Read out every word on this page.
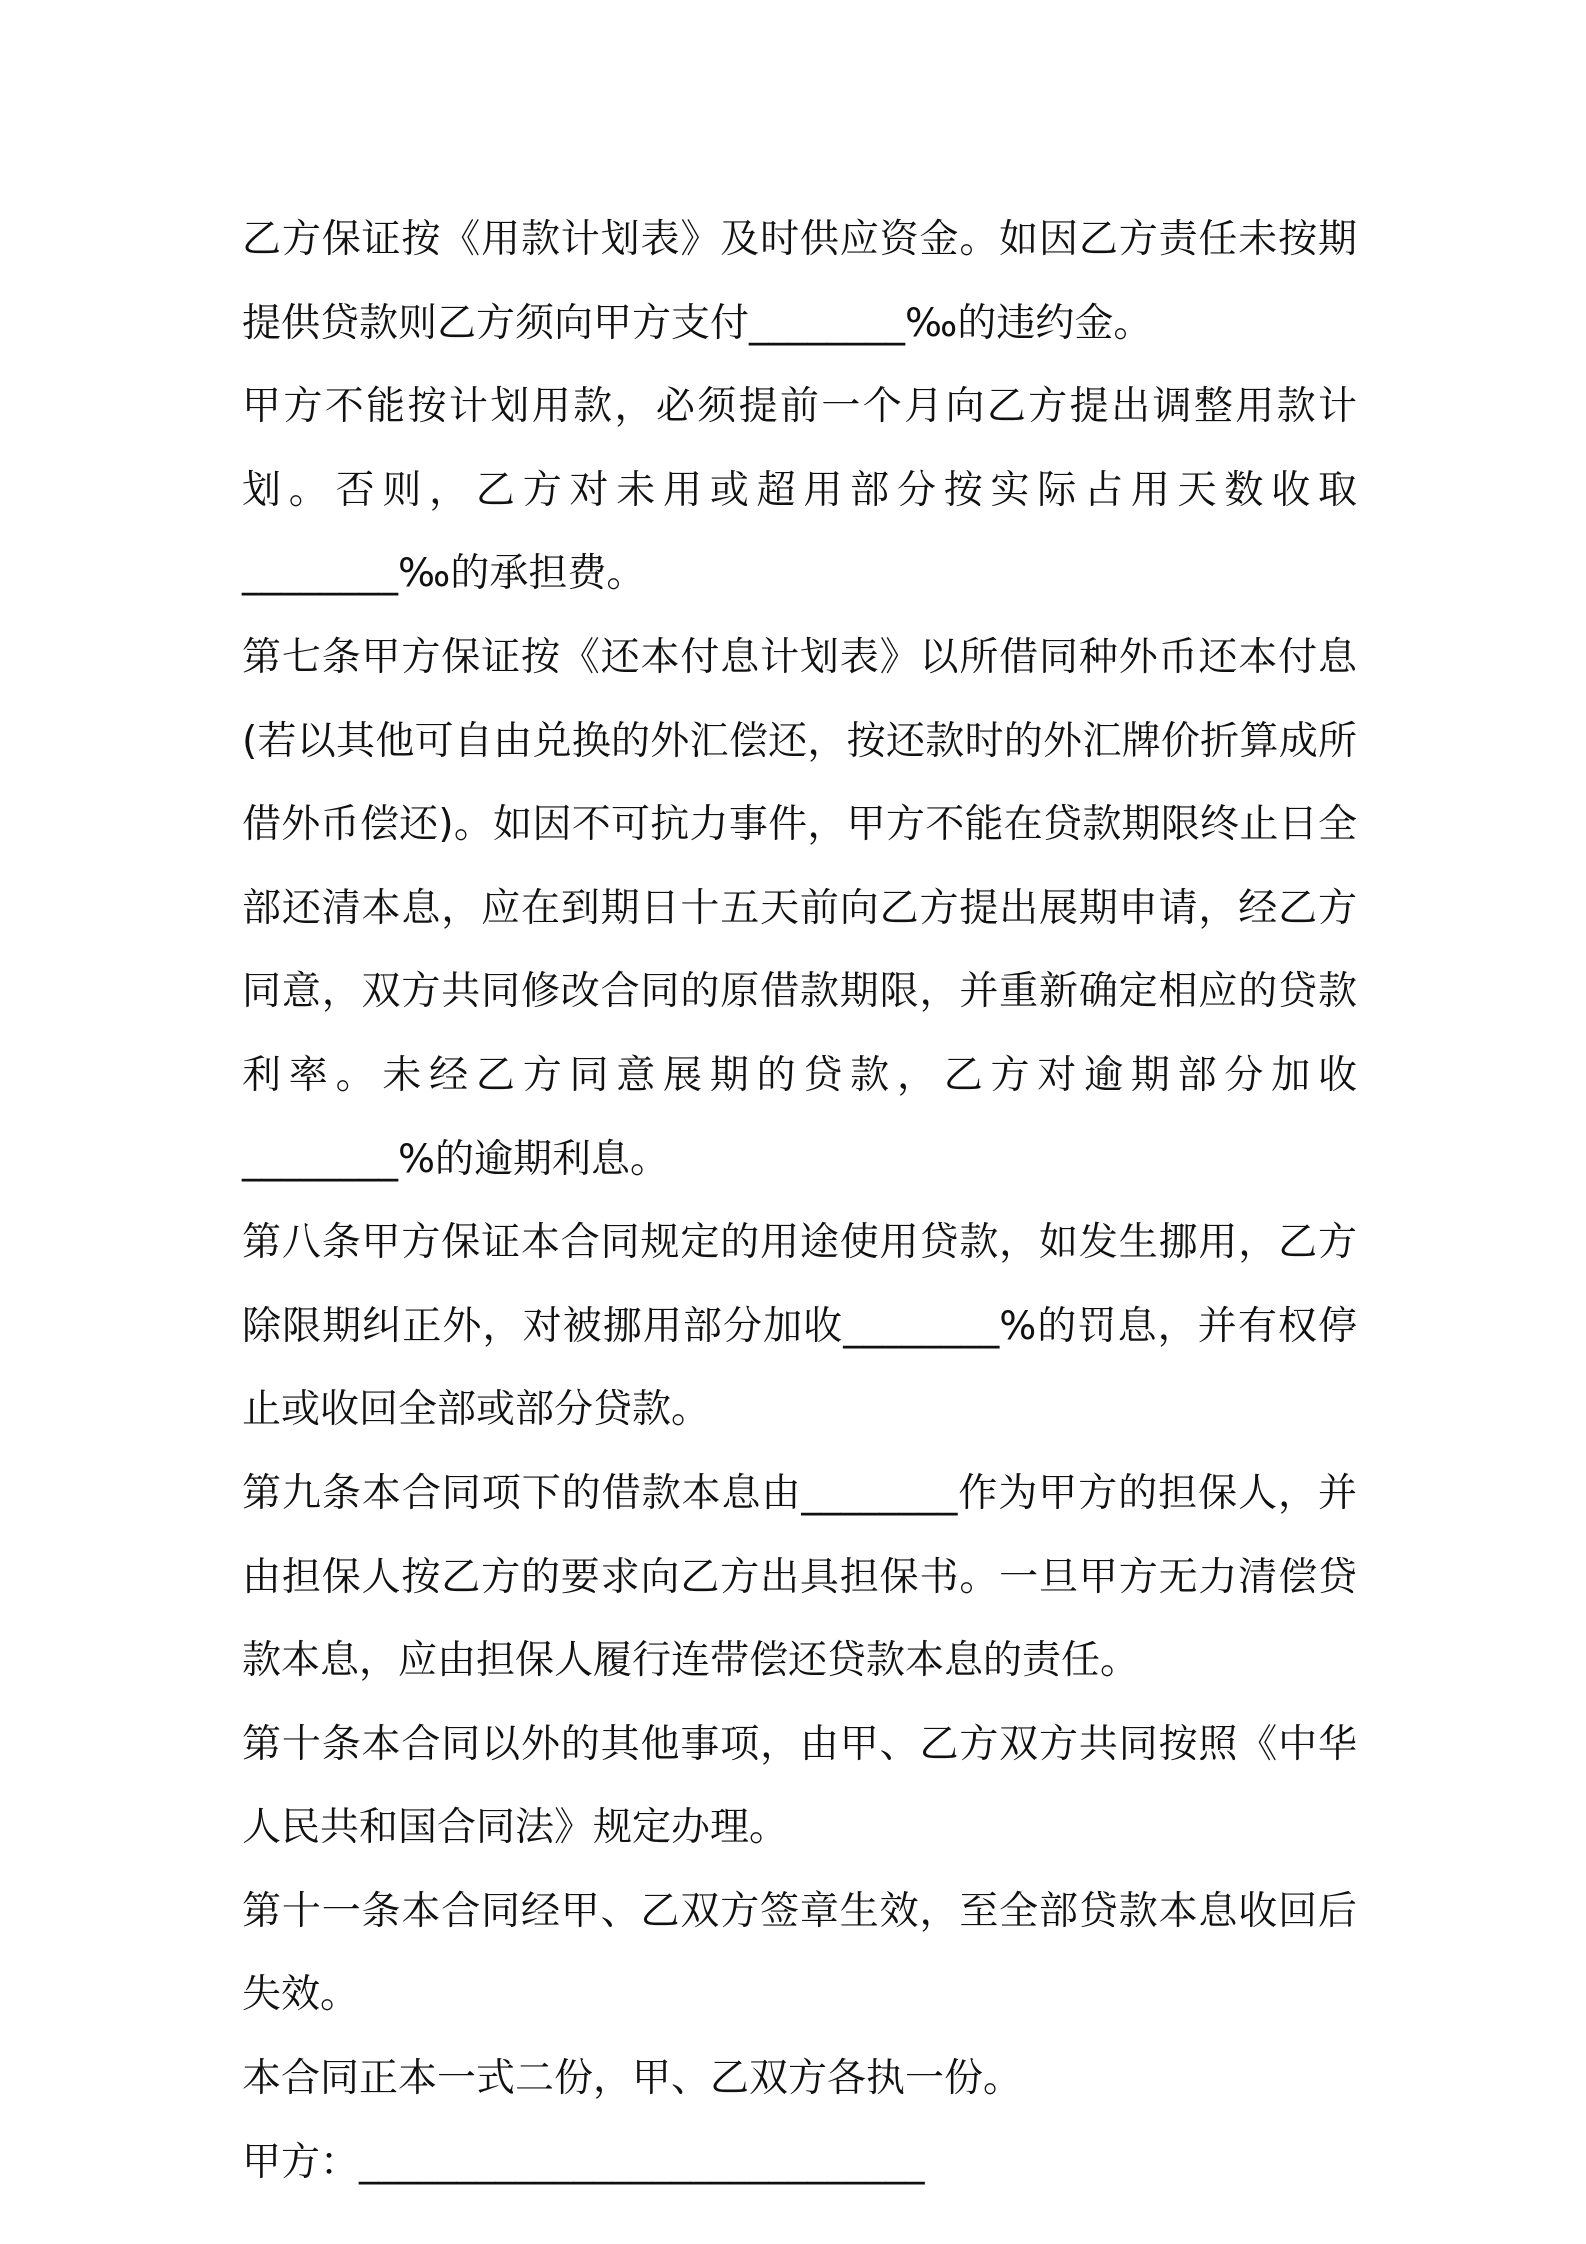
乙方保证按《用款计划表》及时供应资金。如因乙方责任未按期提供贷款则乙方须向甲方支付________‰的违约金。

甲方不能按计划用款，必须提前一个月向乙方提出调整用款计划。否则，乙方对未用或超用部分按实际占用天数收取________‰的承担费。

第七条甲方保证按《还本付息计划表》以所借同种外币还本付息(若以其他可自由兑换的外汇偿还，按还款时的外汇牌价折算成所借外币偿还)。如因不可抗力事件，甲方不能在贷款期限终止日全部还清本息，应在到期日十五天前向乙方提出展期申请，经乙方同意，双方共同修改合同的原借款期限，并重新确定相应的贷款利率。未经乙方同意展期的贷款，乙方对逾期部分加收________%的逾期利息。

第八条甲方保证本合同规定的用途使用贷款，如发生挪用，乙方除限期纠正外，对被挪用部分加收________%的罚息，并有权停止或收回全部或部分贷款。

第九条本合同项下的借款本息由________作为甲方的担保人，并由担保人按乙方的要求向乙方出具担保书。一旦甲方无力清偿贷款本息，应由担保人履行连带偿还贷款本息的责任。

第十条本合同以外的其他事项，由甲、乙方双方共同按照《中华人民共和国合同法》规定办理。

第十一条本合同经甲、乙双方签章生效，至全部贷款本息收回后失效。

本合同正本一式二份，甲、乙双方各执一份。

甲方：_____________________________
